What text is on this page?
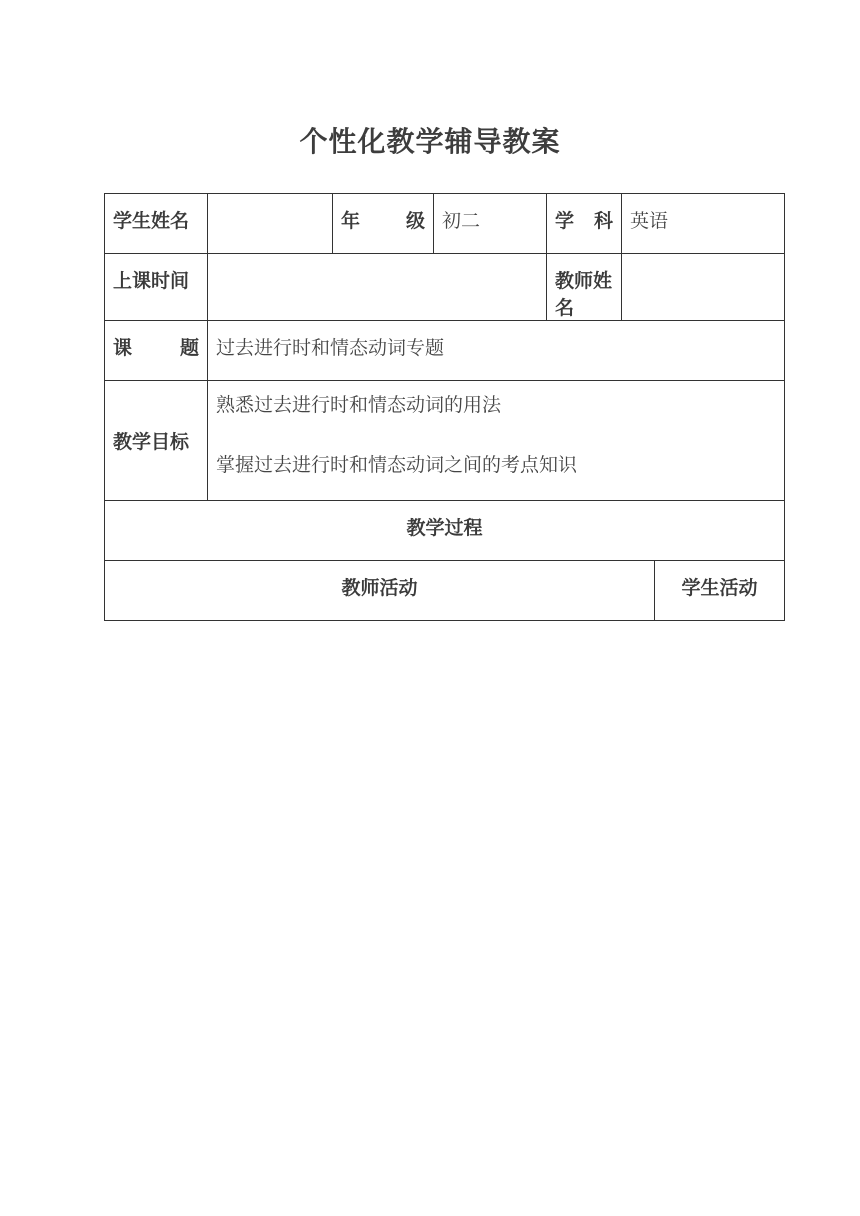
个性化教学辅导教案
学生姓名		年 级	初二	学 科	英语	
上课时间				教师姓名		

课 题	过去进行时和情态动词专题					
教学目标	熟悉过去进行时和情态动词的用法
掌握过去进行时和情态动词之间的考点知识					

教学过程						
教师活动						学生活动
